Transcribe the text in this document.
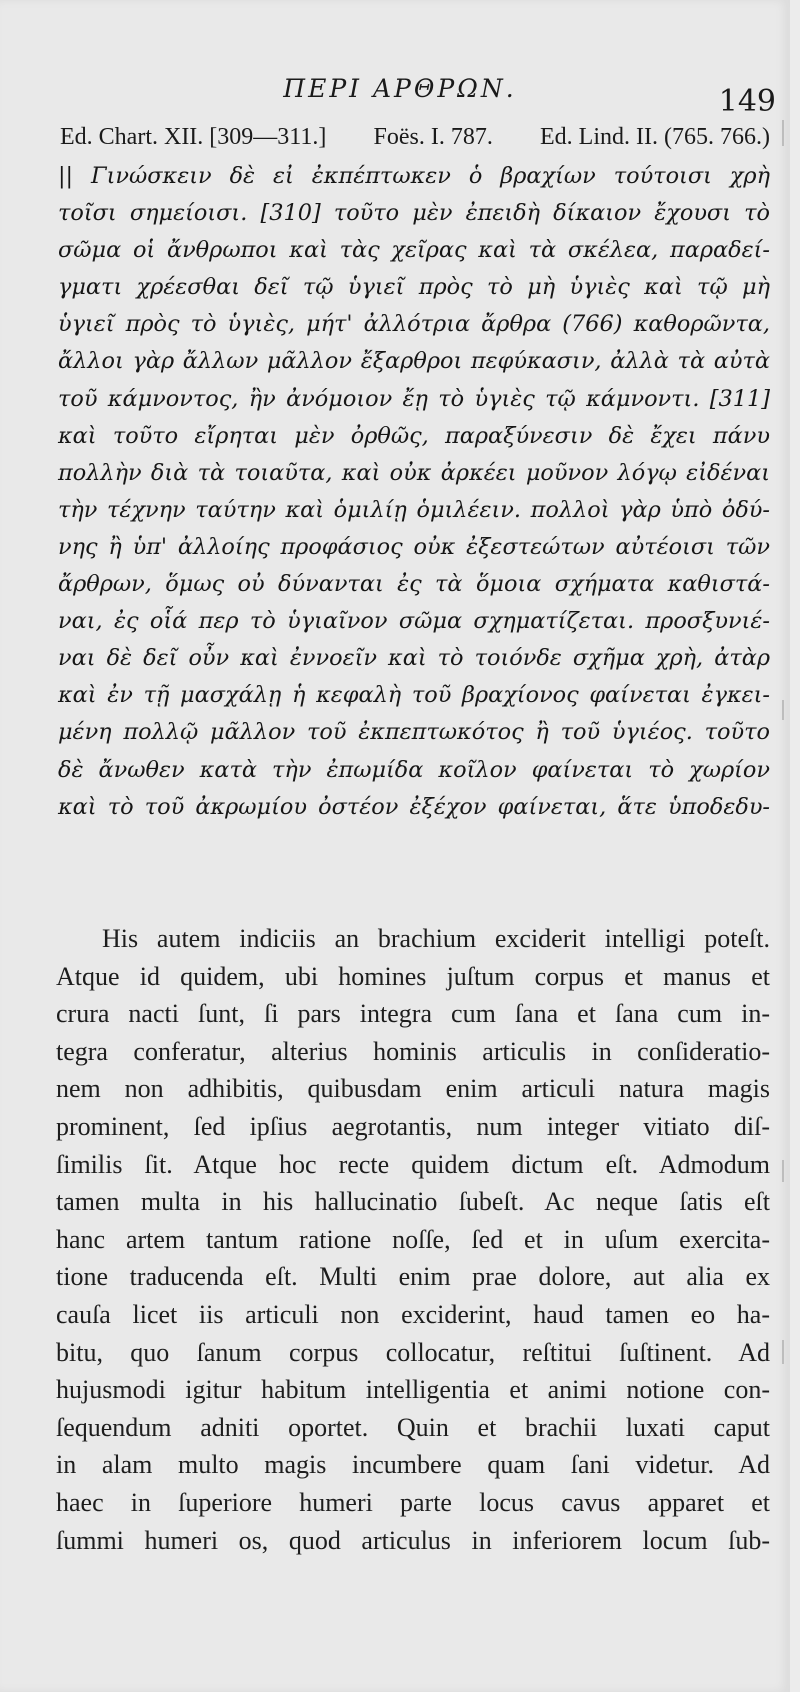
ΠΕΡΙ ΑΡΘΡΩΝ.	149
Ed. Chart. XII. [309—311.] Foës. I. 787. Ed. Lind. II. (765. 766.)
|| Γινώσκειν δὲ εἰ ἐκπέπτωκεν ὁ βραχίων τούτοισι χρὴ
τοῖσι σημείοισι. [310] τοῦτο μὲν ἐπειδὴ δίκαιον ἔχουσι τὸ
σῶμα οἱ ἄνθρωποι καὶ τὰς χεῖρας καὶ τὰ σκέλεα, παραδεί-
γματι χρέεσθαι δεῖ τῷ ὑγιεῖ πρὸς τὸ μὴ ὑγιὲς καὶ τῷ μὴ
ὑγιεῖ πρὸς τὸ ὑγιὲς, μήτ' ἀλλότρια ἄρθρα (766) καθορῶντα,
ἄλλοι γὰρ ἄλλων μᾶλλον ἔξαρθροι πεφύκασιν, ἀλλὰ τὰ αὐτὰ
τοῦ κάμνοντος, ἢν ἀνόμοιον ἔῃ τὸ ὑγιὲς τῷ κάμνοντι. [311]
καὶ τοῦτο εἴρηται μὲν ὀρθῶς, παραξύνεσιν δὲ ἔχει πάνυ
πολλὴν διὰ τὰ τοιαῦτα, καὶ οὐκ ἀρκέει μοῦνον λόγῳ εἰδέναι
τὴν τέχνην ταύτην καὶ ὁμιλίῃ ὁμιλέειν. πολλοὶ γὰρ ὑπὸ ὀδύ-
νης ἢ ὑπ' ἀλλοίης προφάσιος οὐκ ἐξεστεώτων αὐτέοισι τῶν
ἄρθρων, ὅμως οὐ δύνανται ἐς τὰ ὅμοια σχήματα καθιστά-
ναι, ἐς οἷά περ τὸ ὑγιαῖνον σῶμα σχηματίζεται. προσξυνιέ-
ναι δὲ δεῖ οὖν καὶ ἐννοεῖν καὶ τὸ τοιόνδε σχῆμα χρὴ, ἀτὰρ
καὶ ἐν τῇ μασχάλῃ ἡ κεφαλὴ τοῦ βραχίονος φαίνεται ἐγκει-
μένη πολλῷ μᾶλλον τοῦ ἐκπεπτωκότος ἢ τοῦ ὑγιέος. τοῦτο
δὲ ἄνωθεν κατὰ τὴν ἐπωμίδα κοῖλον φαίνεται τὸ χωρίον
καὶ τὸ τοῦ ἀκρωμίου ὀστέον ἐξέχον φαίνεται, ἅτε ὑποδεδυ-
His autem indiciis an brachium exciderit intelligi poteſt.
Atque id quidem, ubi homines juſtum corpus et manus et
crura nacti ſunt, ſi pars integra cum ſana et ſana cum in-
tegra conferatur, alterius hominis articulis in conſideratio-
nem non adhibitis, quibusdam enim articuli natura magis
prominent, ſed ipſius aegrotantis, num integer vitiato diſ-
ſimilis ſit. Atque hoc recte quidem dictum eſt. Admodum
tamen multa in his hallucinatio ſubeſt. Ac neque ſatis eſt
hanc artem tantum ratione noſſe, ſed et in uſum exercita-
tione traducenda eſt. Multi enim prae dolore, aut alia ex
cauſa licet iis articuli non exciderint, haud tamen eo ha-
bitu, quo ſanum corpus collocatur, reſtitui ſuſtinent. Ad
hujusmodi igitur habitum intelligentia et animi notione con-
ſequendum adniti oportet. Quin et brachii luxati caput
in alam multo magis incumbere quam ſani videtur. Ad
haec in ſuperiore humeri parte locus cavus apparet et
ſummi humeri os, quod articulus in inferiorem locum ſub-
